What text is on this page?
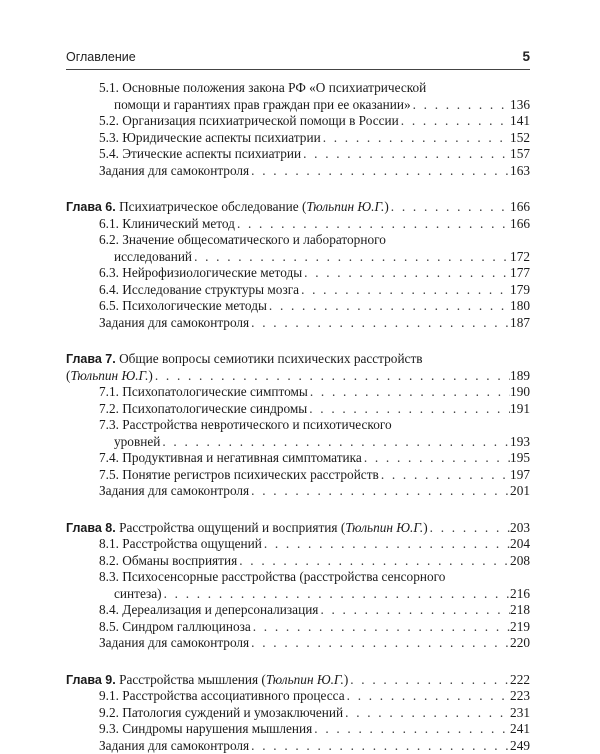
Оглавление	5
5.1. Основные положения закона РФ «О психиатрической
помощи и гарантиях прав граждан при ее оказании» . . .	136
5.2. Организация психиатрической помощи в России . . .	141
5.3. Юридические аспекты психиатрии . . .	152
5.4. Этические аспекты психиатрии . . .	157
Задания для самоконтроля . . .	163
Глава 6. Психиатрическое обследование (Тюльпин Ю.Г.) . . .	166
6.1. Клинический метод . . .	166
6.2. Значение общесоматического и лабораторного
исследований . . .	172
6.3. Нейрофизиологические методы . . .	177
6.4. Исследование структуры мозга . . .	179
6.5. Психологические методы . . .	180
Задания для самоконтроля . . .	187
Глава 7. Общие вопросы семиотики психических расстройств
(Тюльпин Ю.Г.) . . .	189
7.1. Психопатологические симптомы . . .	190
7.2. Психопатологические синдромы . . .	191
7.3. Расстройства невротического и психотического
уровней . . .	193
7.4. Продуктивная и негативная симптоматика . . .	195
7.5. Понятие регистров психических расстройств . . .	197
Задания для самоконтроля . . .	201
Глава 8. Расстройства ощущений и восприятия (Тюльпин Ю.Г.) . . .	203
8.1. Расстройства ощущений . . .	204
8.2. Обманы восприятия . . .	208
8.3. Психосенсорные расстройства (расстройства сенсорного
синтеза) . . .	216
8.4. Дереализация и деперсонализация . . .	218
8.5. Синдром галлюциноза . . .	219
Задания для самоконтроля . . .	220
Глава 9. Расстройства мышления (Тюльпин Ю.Г.) . . .	222
9.1. Расстройства ассоциативного процесса . . .	223
9.2. Патология суждений и умозаключений . . .	231
9.3. Синдромы нарушения мышления . . .	241
Задания для самоконтроля . . .	249
